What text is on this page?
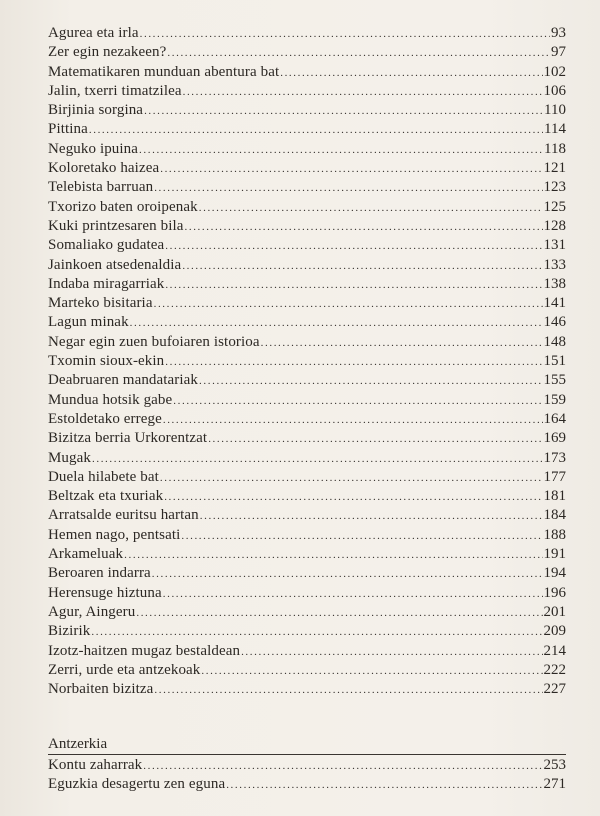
Agurea eta irla .....	93
Zer egin nezakeen? .....	97
Matematikaren munduan abentura bat .....	102
Jalin, txerri timatzilea .....	106
Birjinia sorgina .....	110
Pittina .....	114
Neguko ipuina .....	118
Koloretako haizea .....	121
Telebista barruan .....	123
Txorizo baten oroipenak .....	125
Kuki printzesaren bila .....	128
Somaliako gudatea .....	131
Jainkoen atsedenaldia .....	133
Indaba miragarriak .....	138
Marteko bisitaria .....	141
Lagun minak .....	146
Negar egin zuen bufoiaren istorioa .....	148
Txomin sioux-ekin .....	151
Deabruaren mandatariak .....	155
Mundua hotsik gabe .....	159
Estoldetako errege .....	164
Bizitza berria Urkorentzat .....	169
Mugak .....	173
Duela hilabete bat .....	177
Beltzak eta txuriak .....	181
Arratsalde euritsu hartan .....	184
Hemen nago, pentsati .....	188
Arkameluak .....	191
Beroaren indarra .....	194
Herensuge hiztuna .....	196
Agur, Aingeru .....	201
Bizirik .....	209
Izotz-haitzen mugaz bestaldean .....	214
Zerri, urde eta antzekoak .....	222
Norbaiten bizitza .....	227
Antzerkia
Kontu zaharrak .....	253
Eguzkia desagertu zen eguna .....	271
